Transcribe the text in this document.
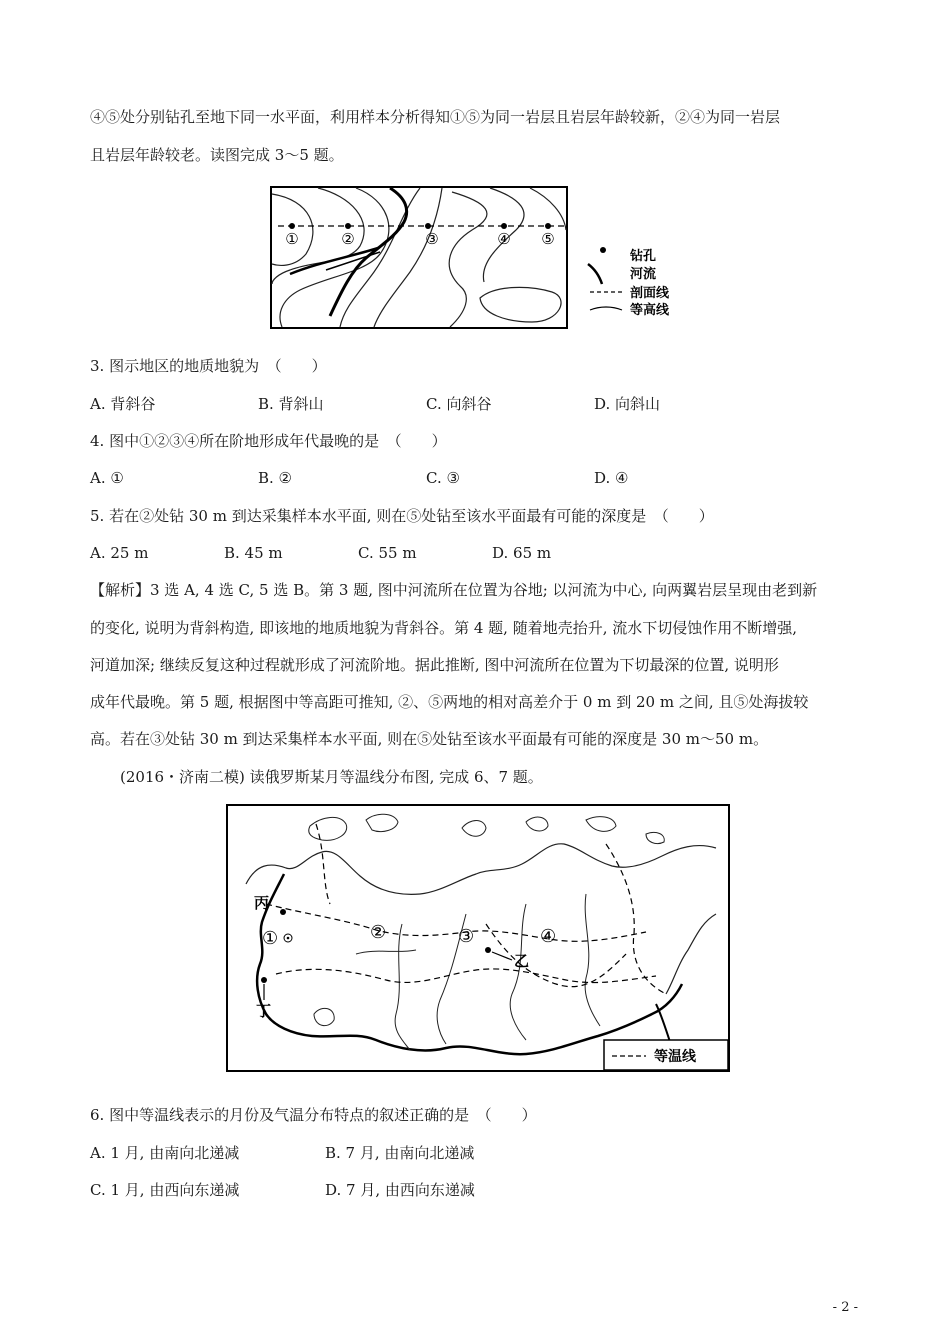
④⑤处分别钻孔至地下同一水平面，利用样本分析得知①⑤为同一岩层且岩层年龄较新，②④为同一岩层
且岩层年龄较老。读图完成 3～5 题。
①	②	③	④ ⑤
钻孔
河流
剖面线
等高线
3. 图示地区的地质地貌为　（　　）
A. 背斜谷	B. 背斜山	C. 向斜谷	D. 向斜山
4. 图中①②③④所在阶地形成年代最晚的是　（　　）
A. ①	B. ②	C. ③	D. ④
5. 若在②处钻 30 m 到达采集样本水平面, 则在⑤处钻至该水平面最有可能的深度是　（　　）
A. 25 m	B. 45 m	C. 55 m	D. 65 m
【解析】3 选 A, 4 选 C, 5 选 B。第 3 题, 图中河流所在位置为谷地; 以河流为中心, 向两翼岩层呈现由老到新
的变化, 说明为背斜构造, 即该地的地质地貌为背斜谷。第 4 题, 随着地壳抬升, 流水下切侵蚀作用不断增强,
河道加深; 继续反复这种过程就形成了河流阶地。据此推断, 图中河流所在位置为下切最深的位置, 说明形
成年代最晚。第 5 题, 根据图中等高距可推知, ②、⑤两地的相对高差介于 0 m 到 20 m 之间, 且⑤处海拔较
高。若在③处钻 30 m 到达采集样本水平面, 则在⑤处钻至该水平面最有可能的深度是 30 m～50 m。
(2016・济南二模) 读俄罗斯某月等温线分布图, 完成 6、7 题。
丙
①	②	③	④
乙
丁
等温线
6. 图中等温线表示的月份及气温分布特点的叙述正确的是　（　　）
A. 1 月, 由南向北递减	B. 7 月, 由南向北递减
C. 1 月, 由西向东递减	D. 7 月, 由西向东递减
- 2 -
